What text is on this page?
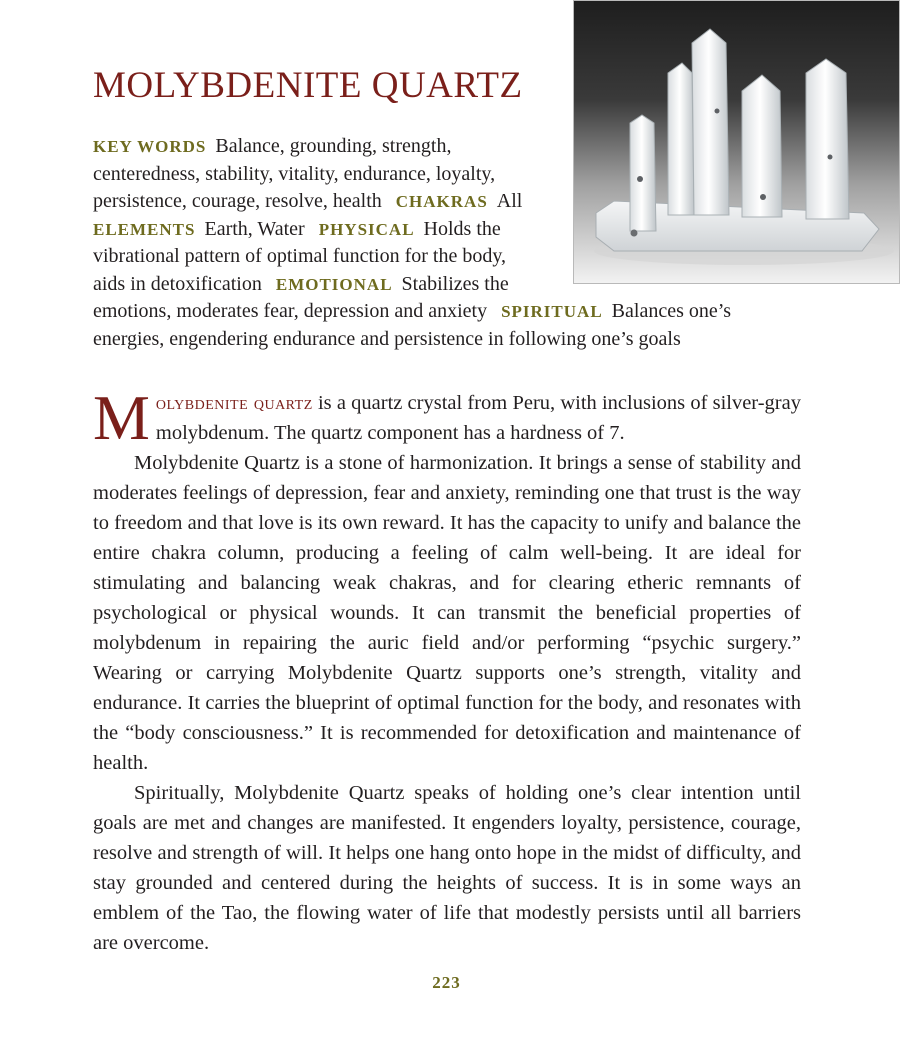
MOLYBDENITE QUARTZ
KEY WORDS Balance, grounding, strength,
centeredness, stability, vitality, endurance, loyalty,
persistence, courage, resolve, health CHAKRAS All
ELEMENTS Earth, Water PHYSICAL Holds the
vibrational pattern of optimal function for the body,
aids in detoxification EMOTIONAL Stabilizes the
emotions, moderates fear, depression and anxiety SPIRITUAL Balances one’s
energies, engendering endurance and persistence in following one’s goals

Molybdenite quartz is a quartz crystal from Peru, with inclusions of silver-gray molybdenum. The quartz component has a hardness of 7.

Molybdenite Quartz is a stone of harmonization. It brings a sense of stability and moderates feelings of depression, fear and anxiety, reminding one that trust is the way to freedom and that love is its own reward. It has the capacity to unify and balance the entire chakra column, producing a feeling of calm well-being. It are ideal for stimulating and balancing weak chakras, and for clearing etheric remnants of psychological or physical wounds. It can transmit the beneficial properties of molybdenum in repairing the auric field and/or performing “psychic surgery.” Wearing or carrying Molybdenite Quartz supports one’s strength, vitality and endurance. It carries the blueprint of optimal function for the body, and resonates with the “body consciousness.” It is recommended for detoxification and maintenance of health.

Spiritually, Molybdenite Quartz speaks of holding one’s clear intention until goals are met and changes are manifested. It engenders loyalty, persistence, courage, resolve and strength of will. It helps one hang onto hope in the midst of difficulty, and stay grounded and centered during the heights of success. It is in some ways an emblem of the Tao, the flowing water of life that modestly persists until all barriers are overcome.

223
